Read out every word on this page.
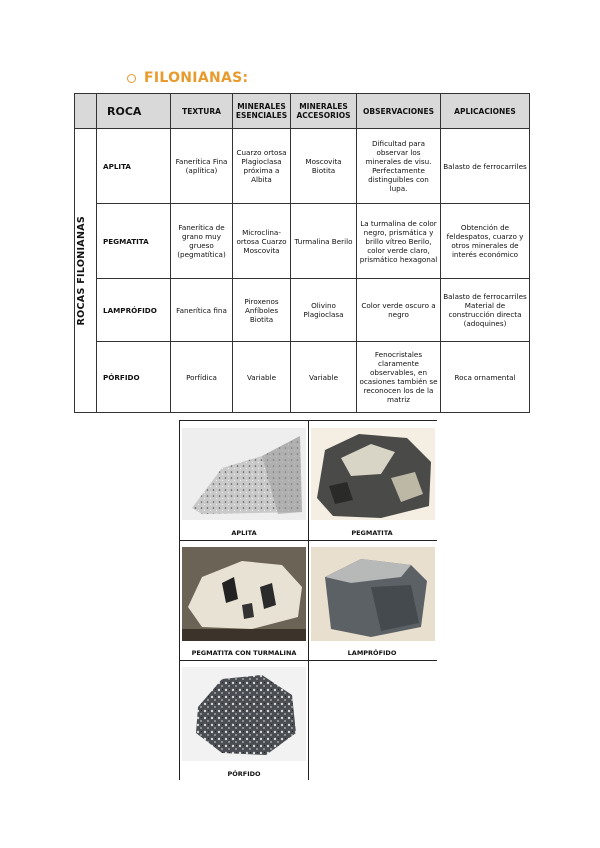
FILONIANAS:
	ROCA	TEXTURA	MINERALES ESENCIALES	MINERALES ACCESORIOS	OBSERVACIONES	APLICACIONES

ROCAS FILONIANAS	APLITA	Fanerítica Fina (aplítica)	Cuarzo ortosa Plagioclasa próxima a Albita	Moscovita Biotita	Dificultad para observar los minerales de visu. Perfectamente distinguibles con lupa.	Balasto de ferrocarriles
	PEGMATITA	Fanerítica de grano muy grueso (pegmatítica)	Microclina-ortosa Cuarzo Moscovita	Turmalina Berilo	La turmalina de color negro, prismática y brillo vítreo Berilo, color verde claro, prismático hexagonal	Obtención de feldespatos, cuarzo y otros minerales de interés económico
	LAMPRÓFIDO	Fanerítica fina	Piroxenos Anfíboles Biotita	Olivino Plagioclasa	Color verde oscuro a negro	Balasto de ferrocarriles Material de construcción directa (adoquines)
	PÓRFIDO	Porfídica	Variable	Variable	Fenocristales claramente observables, en ocasiones también se reconocen los de la matriz	Roca ornamental
APLITA	PEGMATITA
PEGMATITA CON TURMALINA	LAMPRÓFIDO
PÓRFIDO
